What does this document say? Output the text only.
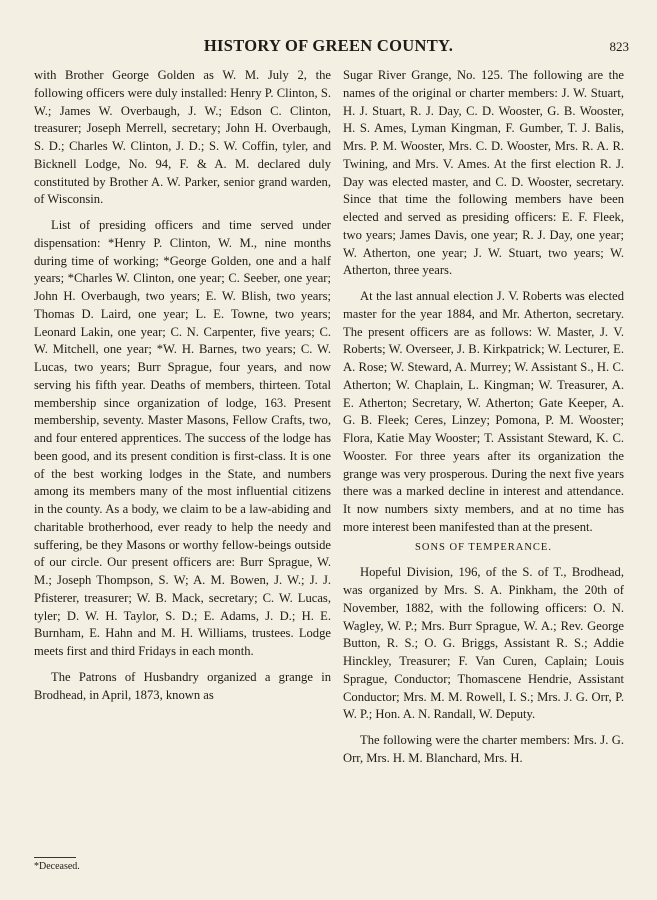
HISTORY OF GREEN COUNTY.	823

with Brother George Golden as W. M. July 2, the following officers were duly installed: Henry P. Clinton, S. W.; James W. Overbaugh, J. W.; Edson C. Clinton, treasurer; Joseph Merrell, secretary; John H. Overbaugh, S. D.; Charles W. Clinton, J. D.; S. W. Coffin, tyler, and Bicknell Lodge, No. 94, F. & A. M. declared duly constituted by Brother A. W. Parker, senior grand warden, of Wisconsin.

List of presiding officers and time served under dispensation: *Henry P. Clinton, W. M., nine months during time of working; *George Golden, one and a half years; *Charles W. Clinton, one year; C. Seeber, one year; John H. Overbaugh, two years; E. W. Blish, two years; Thomas D. Laird, one year; L. E. Towne, two years; Leonard Lakin, one year; C. N. Carpenter, five years; C. W. Mitchell, one year; *W. H. Barnes, two years; C. W. Lucas, two years; Burr Sprague, four years, and now serving his fifth year. Deaths of members, thirteen. Total membership since organization of lodge, 163. Present membership, seventy. Master Masons, Fellow Crafts, two, and four entered apprentices. The success of the lodge has been good, and its present condition is first-class. It is one of the best working lodges in the State, and numbers among its members many of the most influential citizens in the county. As a body, we claim to be a law-abiding and charitable brotherhood, ever ready to help the needy and suffering, be they Masons or worthy fellow-beings outside of our circle. Our present officers are: Burr Sprague, W. M.; Joseph Thompson, S. W; A. M. Bowen, J. W.; J. J. Pfisterer, treasurer; W. B. Mack, secretary; C. W. Lucas, tyler; D. W. H. Taylor, S. D.; E. Adams, J. D.; H. E. Burnham, E. Hahn and M. H. Williams, trustees. Lodge meets first and third Fridays in each month.

The Patrons of Husbandry organized a grange in Brodhead, in April, 1873, known as

Sugar River Grange, No. 125. The following are the names of the original or charter members: J. W. Stuart, H. J. Stuart, R. J. Day, C. D. Wooster, G. B. Wooster, H. S. Ames, Lyman Kingman, F. Gumber, T. J. Balis, Mrs. P. M. Wooster, Mrs. C. D. Wooster, Mrs. R. A. R. Twining, and Mrs. V. Ames. At the first election R. J. Day was elected master, and C. D. Wooster, secretary. Since that time the following members have been elected and served as presiding officers: E. F. Fleek, two years; James Davis, one year; R. J. Day, one year; W. Atherton, one year; J. W. Stuart, two years; W. Atherton, three years.

At the last annual election J. V. Roberts was elected master for the year 1884, and Mr. Atherton, secretary. The present officers are as follows: W. Master, J. V. Roberts; W. Overseer, J. B. Kirkpatrick; W. Lecturer, E. A. Rose; W. Steward, A. Murrey; W. Assistant S., H. C. Atherton; W. Chaplain, L. Kingman; W. Treasurer, A. E. Atherton; Secretary, W. Atherton; Gate Keeper, A. G. B. Fleek; Ceres, Linzey; Pomona, P. M. Wooster; Flora, Katie May Wooster; T. Assistant Steward, K. C. Wooster. For three years after its organization the grange was very prosperous. During the next five years there was a marked decline in interest and attendance. It now numbers sixty members, and at no time has more interest been manifested than at the present.

SONS OF TEMPERANCE.

Hopeful Division, 196, of the S. of T., Brodhead, was organized by Mrs. S. A. Pinkham, the 20th of November, 1882, with the following officers: O. N. Wagley, W. P.; Mrs. Burr Sprague, W. A.; Rev. George Button, R. S.; O. G. Briggs, Assistant R. S.; Addie Hinckley, Treasurer; F. Van Curen, Caplain; Louis Sprague, Conductor; Thomascene Hendrie, Assistant Conductor; Mrs. M. M. Rowell, I. S.; Mrs. J. G. Orr, P. W. P.; Hon. A. N. Randall, W. Deputy.

The following were the charter members: Mrs. J. G. Orr, Mrs. H. M. Blanchard, Mrs. H.

*Deceased.
